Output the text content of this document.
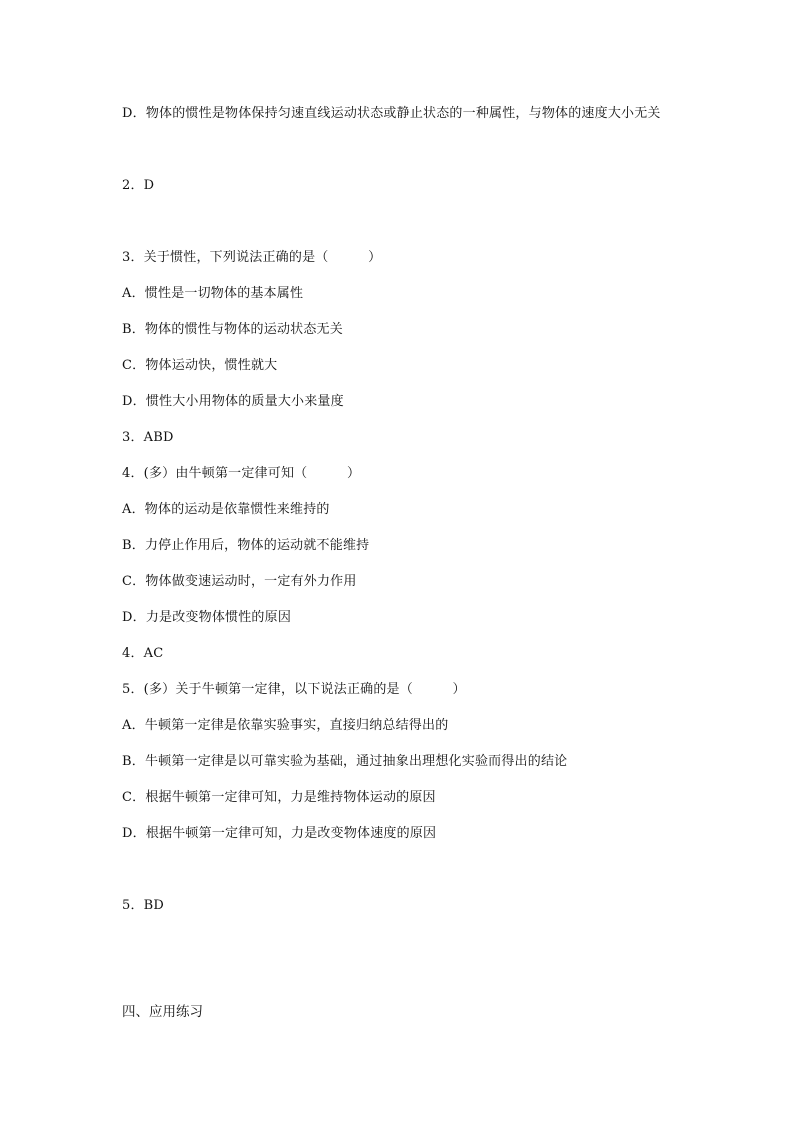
D．物体的惯性是物体保持匀速直线运动状态或静止状态的一种属性，与物体的速度大小无关
2．D
3．关于惯性，下列说法正确的是（　　　）
A．惯性是一切物体的基本属性
B．物体的惯性与物体的运动状态无关
C．物体运动快，惯性就大
D．惯性大小用物体的质量大小来量度
3．ABD
4．(多）由牛顿第一定律可知（　　　）
A．物体的运动是依靠惯性来维持的
B．力停止作用后，物体的运动就不能维持
C．物体做变速运动时，一定有外力作用
D．力是改变物体惯性的原因
4．AC
5．(多）关于牛顿第一定律，以下说法正确的是（　　　）
A．牛顿第一定律是依靠实验事实，直接归纳总结得出的
B．牛顿第一定律是以可靠实验为基础，通过抽象出理想化实验而得出的结论
C．根据牛顿第一定律可知，力是维持物体运动的原因
D．根据牛顿第一定律可知，力是改变物体速度的原因
5．BD
四、应用练习
